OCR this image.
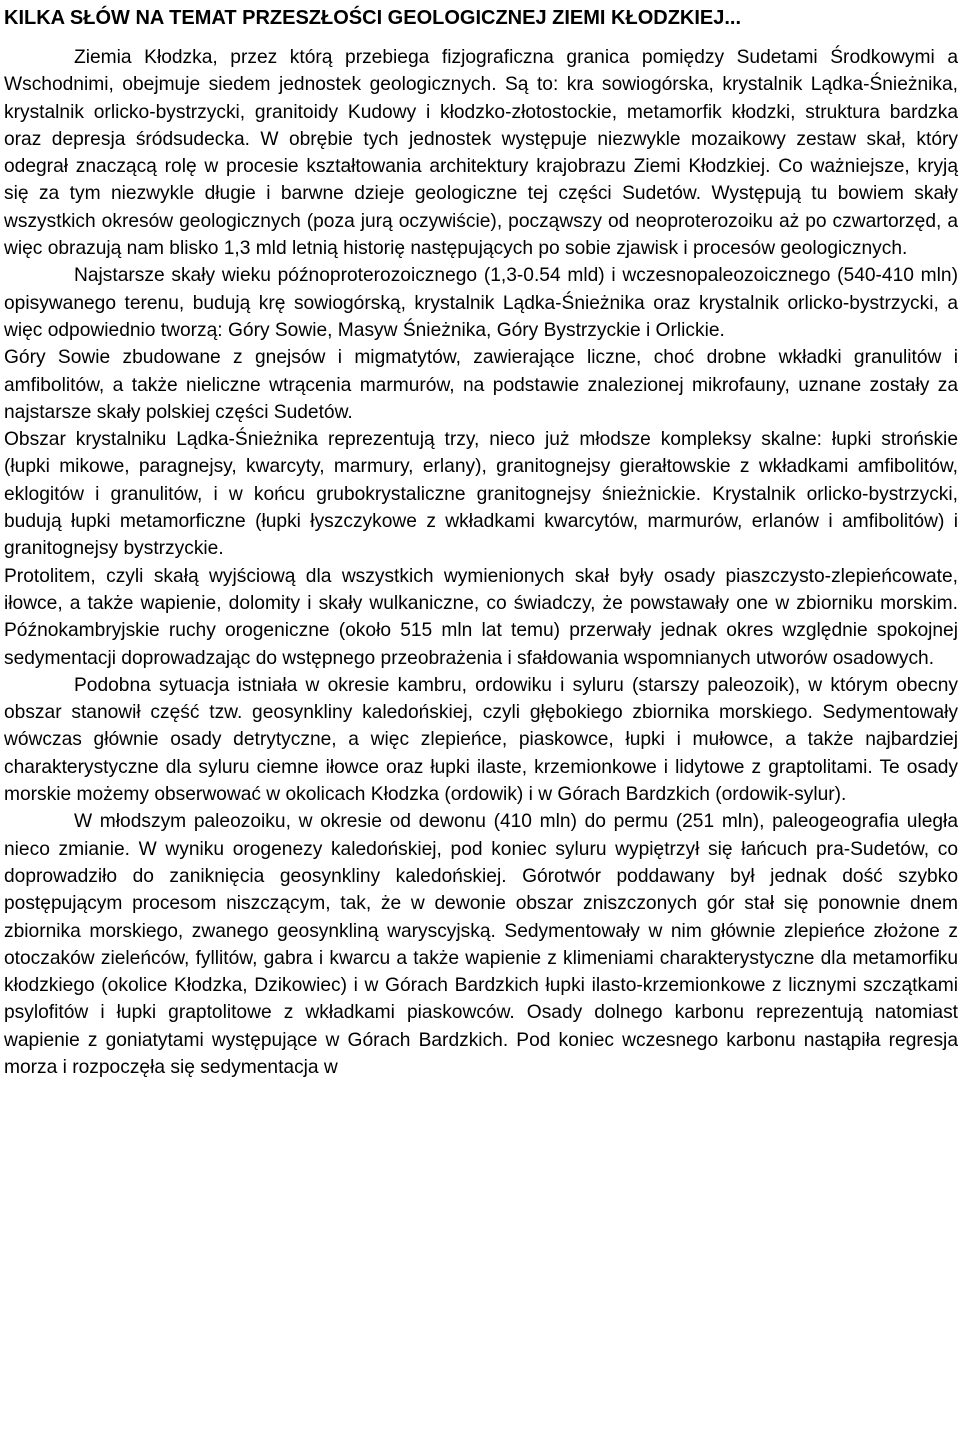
KILKA SŁÓW NA TEMAT PRZESZŁOŚCI GEOLOGICZNEJ ZIEMI KŁODZKIEJ...

Ziemia Kłodzka, przez którą przebiega fizjograficzna granica pomiędzy Sudetami Środkowymi a Wschodnimi, obejmuje siedem jednostek geologicznych. Są to: kra sowiogórska, krystalnik Lądka-Śnieżnika, krystalnik orlicko-bystrzycki, granitoidy Kudowy i kłodzko-złotostockie, metamorfik kłodzki, struktura bardzka oraz depresja śródsudecka. W obrębie tych jednostek występuje niezwykle mozaikowy zestaw skał, który odegrał znaczącą rolę w procesie kształtowania architektury krajobrazu Ziemi Kłodzkiej. Co ważniejsze, kryją się za tym niezwykle długie i barwne dzieje geologiczne tej części Sudetów. Występują tu bowiem skały wszystkich okresów geologicznych (poza jurą oczywiście), począwszy od neoproterozoiku aż po czwartorzęd, a więc obrazują nam blisko 1,3 mld letnią historię następujących po sobie zjawisk i procesów geologicznych.

Najstarsze skały wieku późnoproterozoicznego (1,3-0.54 mld) i wczesnopaleozoicznego (540-410 mln) opisywanego terenu, budują krę sowiogórską, krystalnik Lądka-Śnieżnika oraz krystalnik orlicko-bystrzycki, a więc odpowiednio tworzą: Góry Sowie, Masyw Śnieżnika, Góry Bystrzyckie i Orlickie.

Góry Sowie zbudowane z gnejsów i migmatytów, zawierające liczne, choć drobne wkładki granulitów i amfibolitów, a także nieliczne wtrącenia marmurów, na podstawie znalezionej mikrofauny, uznane zostały za najstarsze skały polskiej części Sudetów.

Obszar krystalniku Lądka-Śnieżnika reprezentują trzy, nieco już młodsze kompleksy skalne: łupki strońskie (łupki mikowe, paragnejsy, kwarcyty, marmury, erlany), granitognejsy gierałtowskie z wkładkami amfibolitów, eklogitów i granulitów, i w końcu grubokrystaliczne granitognejsy śnieżnickie. Krystalnik orlicko-bystrzycki, budują łupki metamorficzne (łupki łyszczykowe z wkładkami kwarcytów, marmurów, erlanów i amfibolitów) i granitognejsy bystrzyckie.

Protolitem, czyli skałą wyjściową dla wszystkich wymienionych skał były osady piaszczysto-zlepieńcowate, iłowce, a także wapienie, dolomity i skały wulkaniczne, co świadczy, że powstawały one w zbiorniku morskim. Późnokambryjskie ruchy orogeniczne (około 515 mln lat temu) przerwały jednak okres względnie spokojnej sedymentacji doprowadzając do wstępnego przeobrażenia i sfałdowania wspomnianych utworów osadowych.

Podobna sytuacja istniała w okresie kambru, ordowiku i syluru (starszy paleozoik), w którym obecny obszar stanowił część tzw. geosynkliny kaledońskiej, czyli głębokiego zbiornika morskiego. Sedymentowały wówczas głównie osady detrytyczne, a więc zlepieńce, piaskowce, łupki i mułowce, a także najbardziej charakterystyczne dla syluru ciemne iłowce oraz łupki ilaste, krzemionkowe i lidytowe z graptolitami. Te osady morskie możemy obserwować w okolicach Kłodzka (ordowik) i w Górach Bardzkich (ordowik-sylur).

W młodszym paleozoiku, w okresie od dewonu (410 mln) do permu (251 mln), paleogeografia uległa nieco zmianie. W wyniku orogenezy kaledońskiej, pod koniec syluru wypiętrzył się łańcuch pra-Sudetów, co doprowadziło do zaniknięcia geosynkliny kaledońskiej. Górotwór poddawany był jednak dość szybko postępującym procesom niszczącym, tak, że w dewonie obszar zniszczonych gór stał się ponownie dnem zbiornika morskiego, zwanego geosynkliną waryscyjską. Sedymentowały w nim głównie zlepieńce złożone z otoczaków zieleńców, fyllitów, gabra i kwarcu a także wapienie z klimeniami charakterystyczne dla metamorfiku kłodzkiego (okolice Kłodzka, Dzikowiec) i w Górach Bardzkich łupki ilasto-krzemionkowe z licznymi szczątkami psylofitów i łupki graptolitowe z wkładkami piaskowców. Osady dolnego karbonu reprezentują natomiast wapienie z goniatytami występujące w Górach Bardzkich. Pod koniec wczesnego karbonu nastąpiła regresja morza i rozpoczęła się sedymentacja w
